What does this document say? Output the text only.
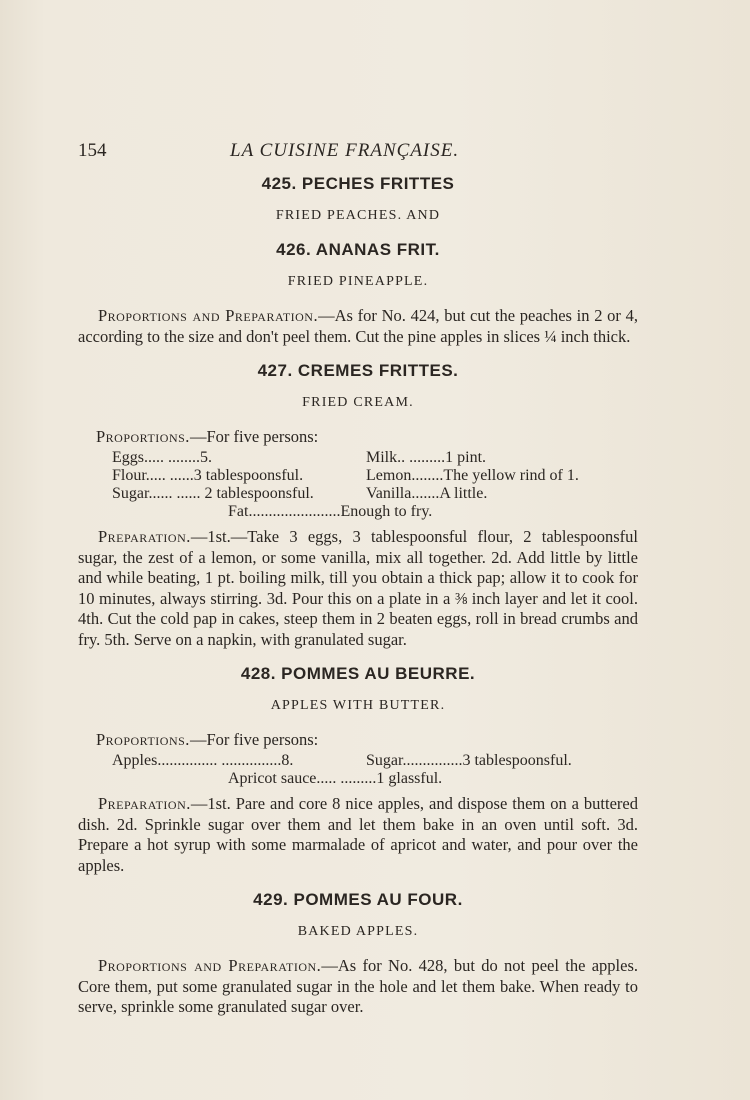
154	LA CUISINE FRANÇAISE.
425. PECHES FRITTES
FRIED PEACHES. AND
426. ANANAS FRIT.
FRIED PINEAPPLE.

Proportions and Preparation.—As for No. 424, but cut the peaches in 2 or 4, according to the size and don't peel them. Cut the pine apples in slices ¼ inch thick.

427. CREMES FRITTES.
FRIED CREAM.
Proportions.—For five persons:
Eggs..... ........5.	Milk.. .........1 pint.
Flour..... ......3 tablespoonsful.	Lemon........The yellow rind of 1.
Sugar...... ...... 2 tablespoonsful.	Vanilla.......A little.
Fat.......................Enough to fry.

Preparation.—1st.—Take 3 eggs, 3 tablespoonsful flour, 2 tablespoonsful sugar, the zest of a lemon, or some vanilla, mix all together. 2d. Add little by little and while beating, 1 pt. boiling milk, till you obtain a thick pap; allow it to cook for 10 minutes, always stirring. 3d. Pour this on a plate in a ⅜ inch layer and let it cool. 4th. Cut the cold pap in cakes, steep them in 2 beaten eggs, roll in bread crumbs and fry. 5th. Serve on a napkin, with granulated sugar.

428. POMMES AU BEURRE.
APPLES WITH BUTTER.
Proportions.—For five persons:
Apples............... ...............8.	Sugar...............3 tablespoonsful.
Apricot sauce..... .........1 glassful.

Preparation.—1st. Pare and core 8 nice apples, and dispose them on a buttered dish. 2d. Sprinkle sugar over them and let them bake in an oven until soft. 3d. Prepare a hot syrup with some marmalade of apricot and water, and pour over the apples.

429. POMMES AU FOUR.
BAKED APPLES.

Proportions and Preparation.—As for No. 428, but do not peel the apples. Core them, put some granulated sugar in the hole and let them bake. When ready to serve, sprinkle some granulated sugar over.
